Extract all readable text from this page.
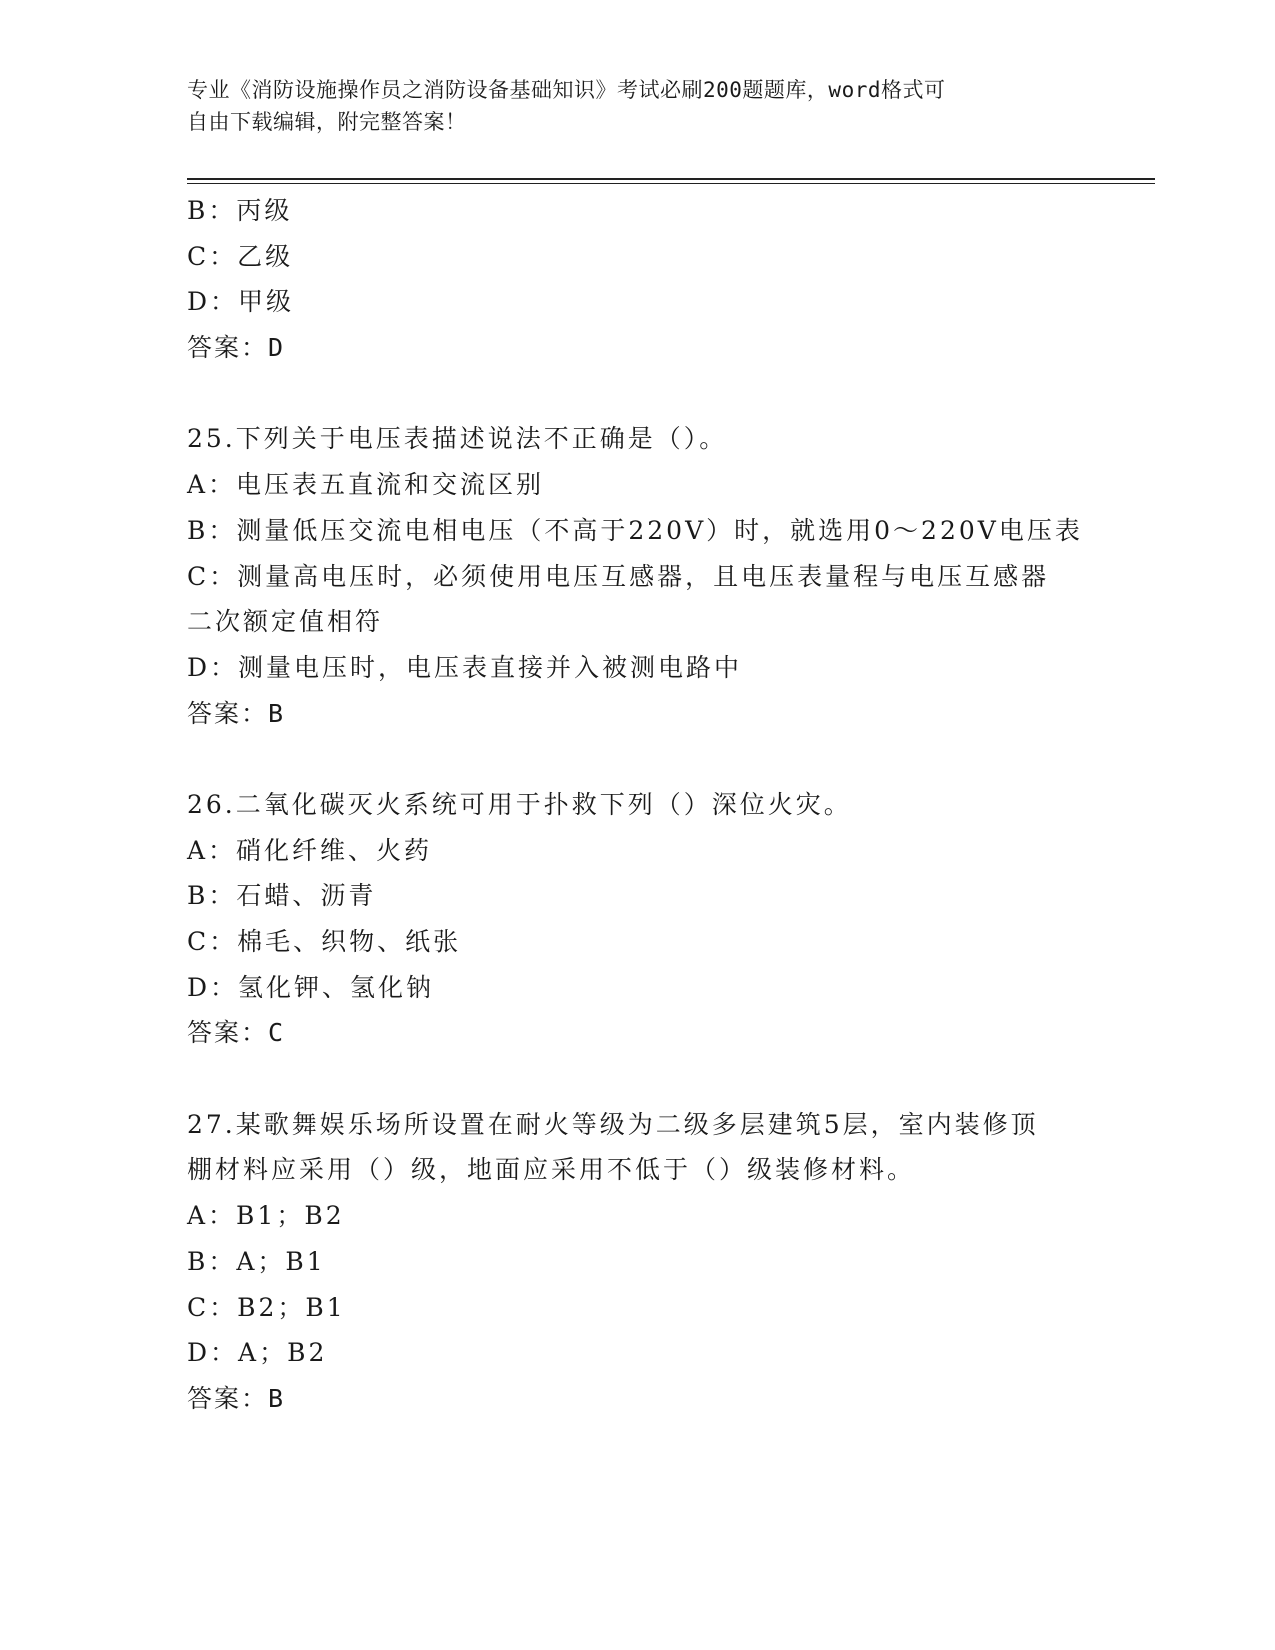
专业《消防设施操作员之消防设备基础知识》考试必刷200题题库，word格式可
自由下载编辑，附完整答案！
B：丙级
C：乙级
D：甲级
答案：D
25.下列关于电压表描述说法不正确是（）。
A：电压表五直流和交流区别
B：测量低压交流电相电压（不高于220V）时，就选用0～220V电压表
C：测量高电压时，必须使用电压互感器，且电压表量程与电压互感器
二次额定值相符
D：测量电压时，电压表直接并入被测电路中
答案：B
26.二氧化碳灭火系统可用于扑救下列（）深位火灾。
A：硝化纤维、火药
B：石蜡、沥青
C：棉毛、织物、纸张
D：氢化钾、氢化钠
答案：C
27.某歌舞娱乐场所设置在耐火等级为二级多层建筑5层，室内装修顶
棚材料应采用（）级，地面应采用不低于（）级装修材料。
A：B1；B2
B：A；B1
C：B2；B1
D：A；B2
答案：B
